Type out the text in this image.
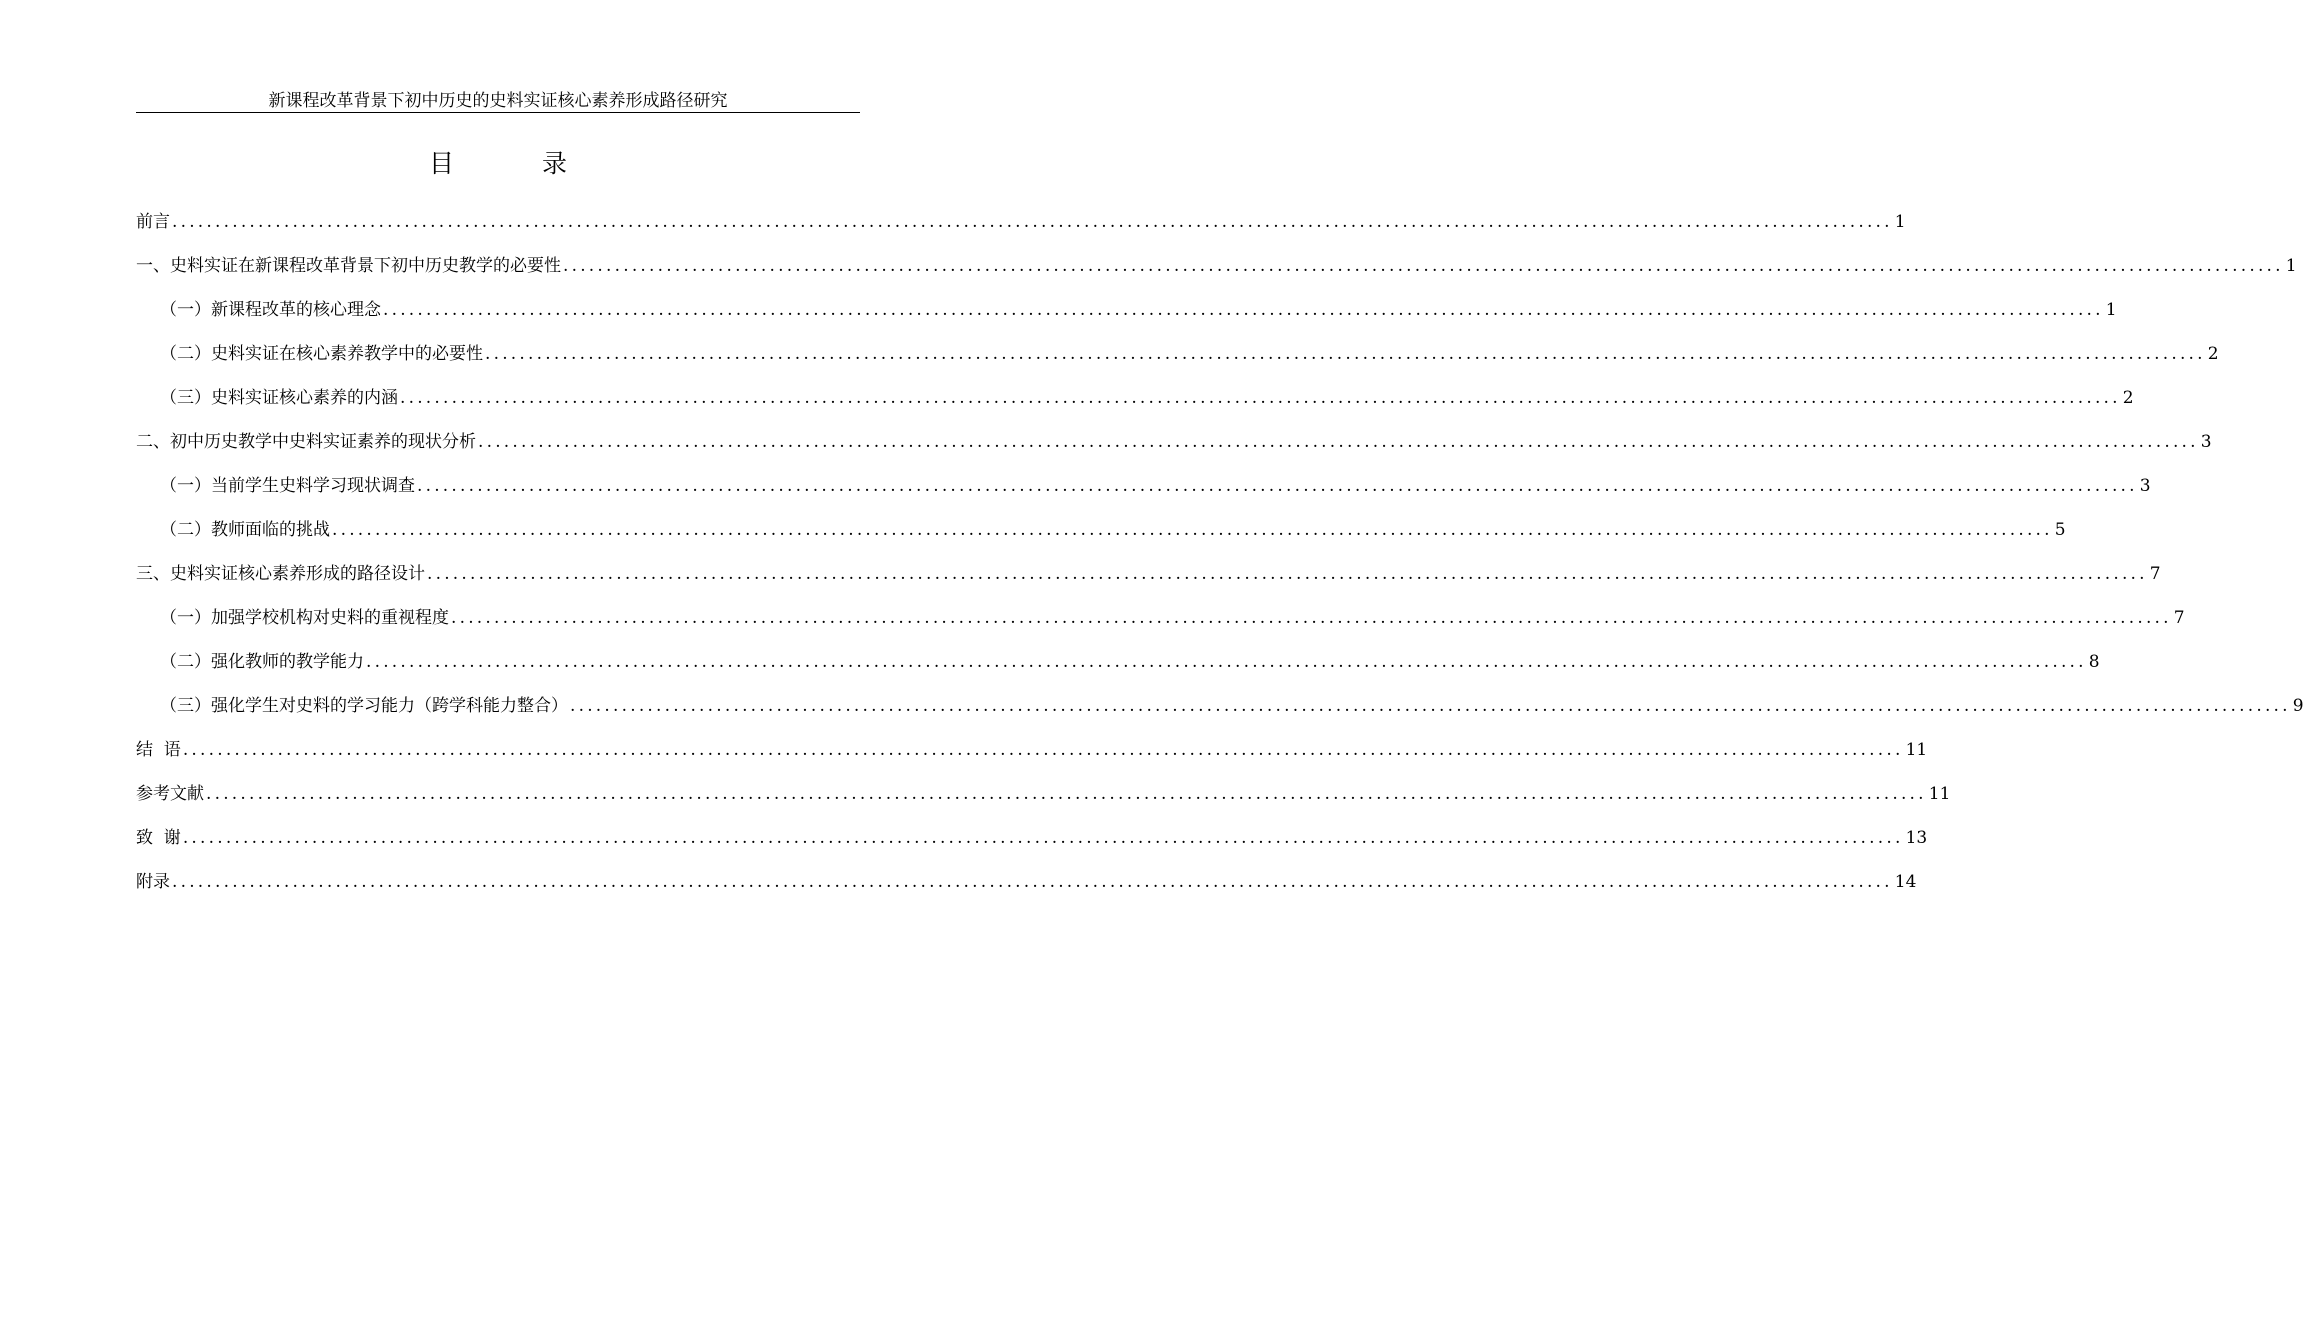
新课程改革背景下初中历史的史料实证核心素养形成路径研究
目 录
前言 ........................................................................................................................................................................................................ 1
一、史料实证在新课程改革背景下初中历史教学的必要性 ........................................................................................................................................................................................................ 1
（一）新课程改革的核心理念 ........................................................................................................................................................................................................ 1
（二）史料实证在核心素养教学中的必要性 ........................................................................................................................................................................................................ 2
（三）史料实证核心素养的内涵 ........................................................................................................................................................................................................ 2
二、初中历史教学中史料实证素养的现状分析 ........................................................................................................................................................................................................ 3
（一）当前学生史料学习现状调查 ........................................................................................................................................................................................................ 3
（二）教师面临的挑战 ........................................................................................................................................................................................................ 5
三、史料实证核心素养形成的路径设计 ........................................................................................................................................................................................................ 7
（一）加强学校机构对史料的重视程度 ........................................................................................................................................................................................................ 7
（二）强化教师的教学能力 ........................................................................................................................................................................................................ 8
（三）强化学生对史料的学习能力（跨学科能力整合） ........................................................................................................................................................................................................ 9
结  语 ........................................................................................................................................................................................................ 11
参考文献 ........................................................................................................................................................................................................ 11
致  谢 ........................................................................................................................................................................................................ 13
附录 ........................................................................................................................................................................................................ 14
